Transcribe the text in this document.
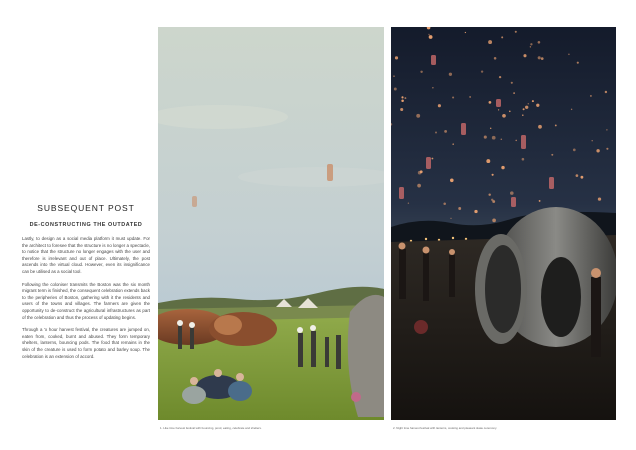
SUBSEQUENT POST
DE-CONSTRUCTING THE OUTDATED

Lastly, to design as a social media platform it must update. For the architect to foresee that the structure is no longer a spectacle, to notice that the structure no longer engages with the user and therefore is irrelevant and out of place. Ultimately, the post ascends into the virtual cloud. However, even its insignificance can be utilised as a social tool.

Following the coloniser transmits the Boston was the six month migrant term is finished, the consequent celebration extends back to the peripheries of Boston, gathering with it the residents and users of the towns and villages. The farmers are given the opportunity to de-construct the agricultural infrastructures as part of the celebration and thus the process of updating begins.

Through a 'x hour harvest festival, the creatures are jumped on, eaten from, cooked, burnt and abused. They form temporary shelters, lanterns, bouncing pods. The food that remains in the skin of the creature is used to form potato and barley soup. The celebration is an extension of accord.

1. Like time harvest festival with bouncing, pond, eating, celebrate and shelters.	2. Night time harvest festival with lanterns, cooking and pleasant skate ceremony.
